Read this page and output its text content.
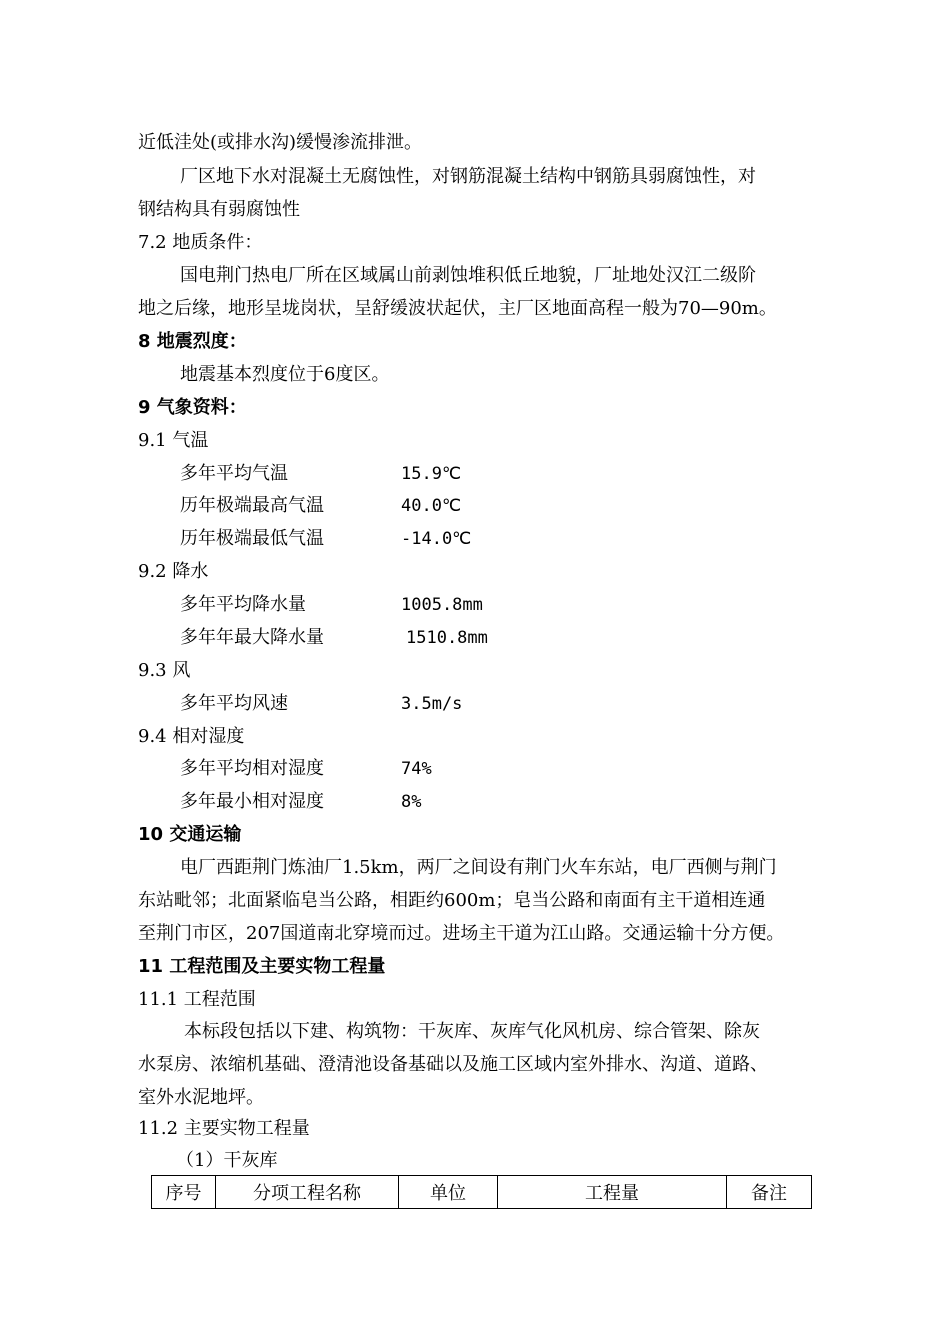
近低洼处(或排水沟)缓慢渗流排泄。
厂区地下水对混凝土无腐蚀性，对钢筋混凝土结构中钢筋具弱腐蚀性，对
钢结构具有弱腐蚀性
7.2 地质条件：
国电荆门热电厂所在区域属山前剥蚀堆积低丘地貌，厂址地处汉江二级阶
地之后缘，地形呈垅岗状，呈舒缓波状起伏，主厂区地面高程一般为70—90m。
8 地震烈度：
地震基本烈度位于6度区。
9 气象资料：
9.1 气温
多年平均气温	15.9℃
历年极端最高气温	40.0℃
历年极端最低气温	-14.0℃
9.2 降水
多年平均降水量	1005.8mm
多年年最大降水量	1510.8mm
9.3 风
多年平均风速	3.5m/s
9.4 相对湿度
多年平均相对湿度	74%
多年最小相对湿度	8%
10 交通运输
电厂西距荆门炼油厂1.5km，两厂之间设有荆门火车东站，电厂西侧与荆门
东站毗邻；北面紧临皂当公路，相距约600m；皂当公路和南面有主干道相连通
至荆门市区，207国道南北穿境而过。进场主干道为江山路。交通运输十分方便。
11 工程范围及主要实物工程量
11.1 工程范围
本标段包括以下建、构筑物：干灰库、灰库气化风机房、综合管架、除灰
水泵房、浓缩机基础、澄清池设备基础以及施工区域内室外排水、沟道、道路、
室外水泥地坪。
11.2 主要实物工程量
（1）干灰库
序号	分项工程名称	单位	工程量	备注
